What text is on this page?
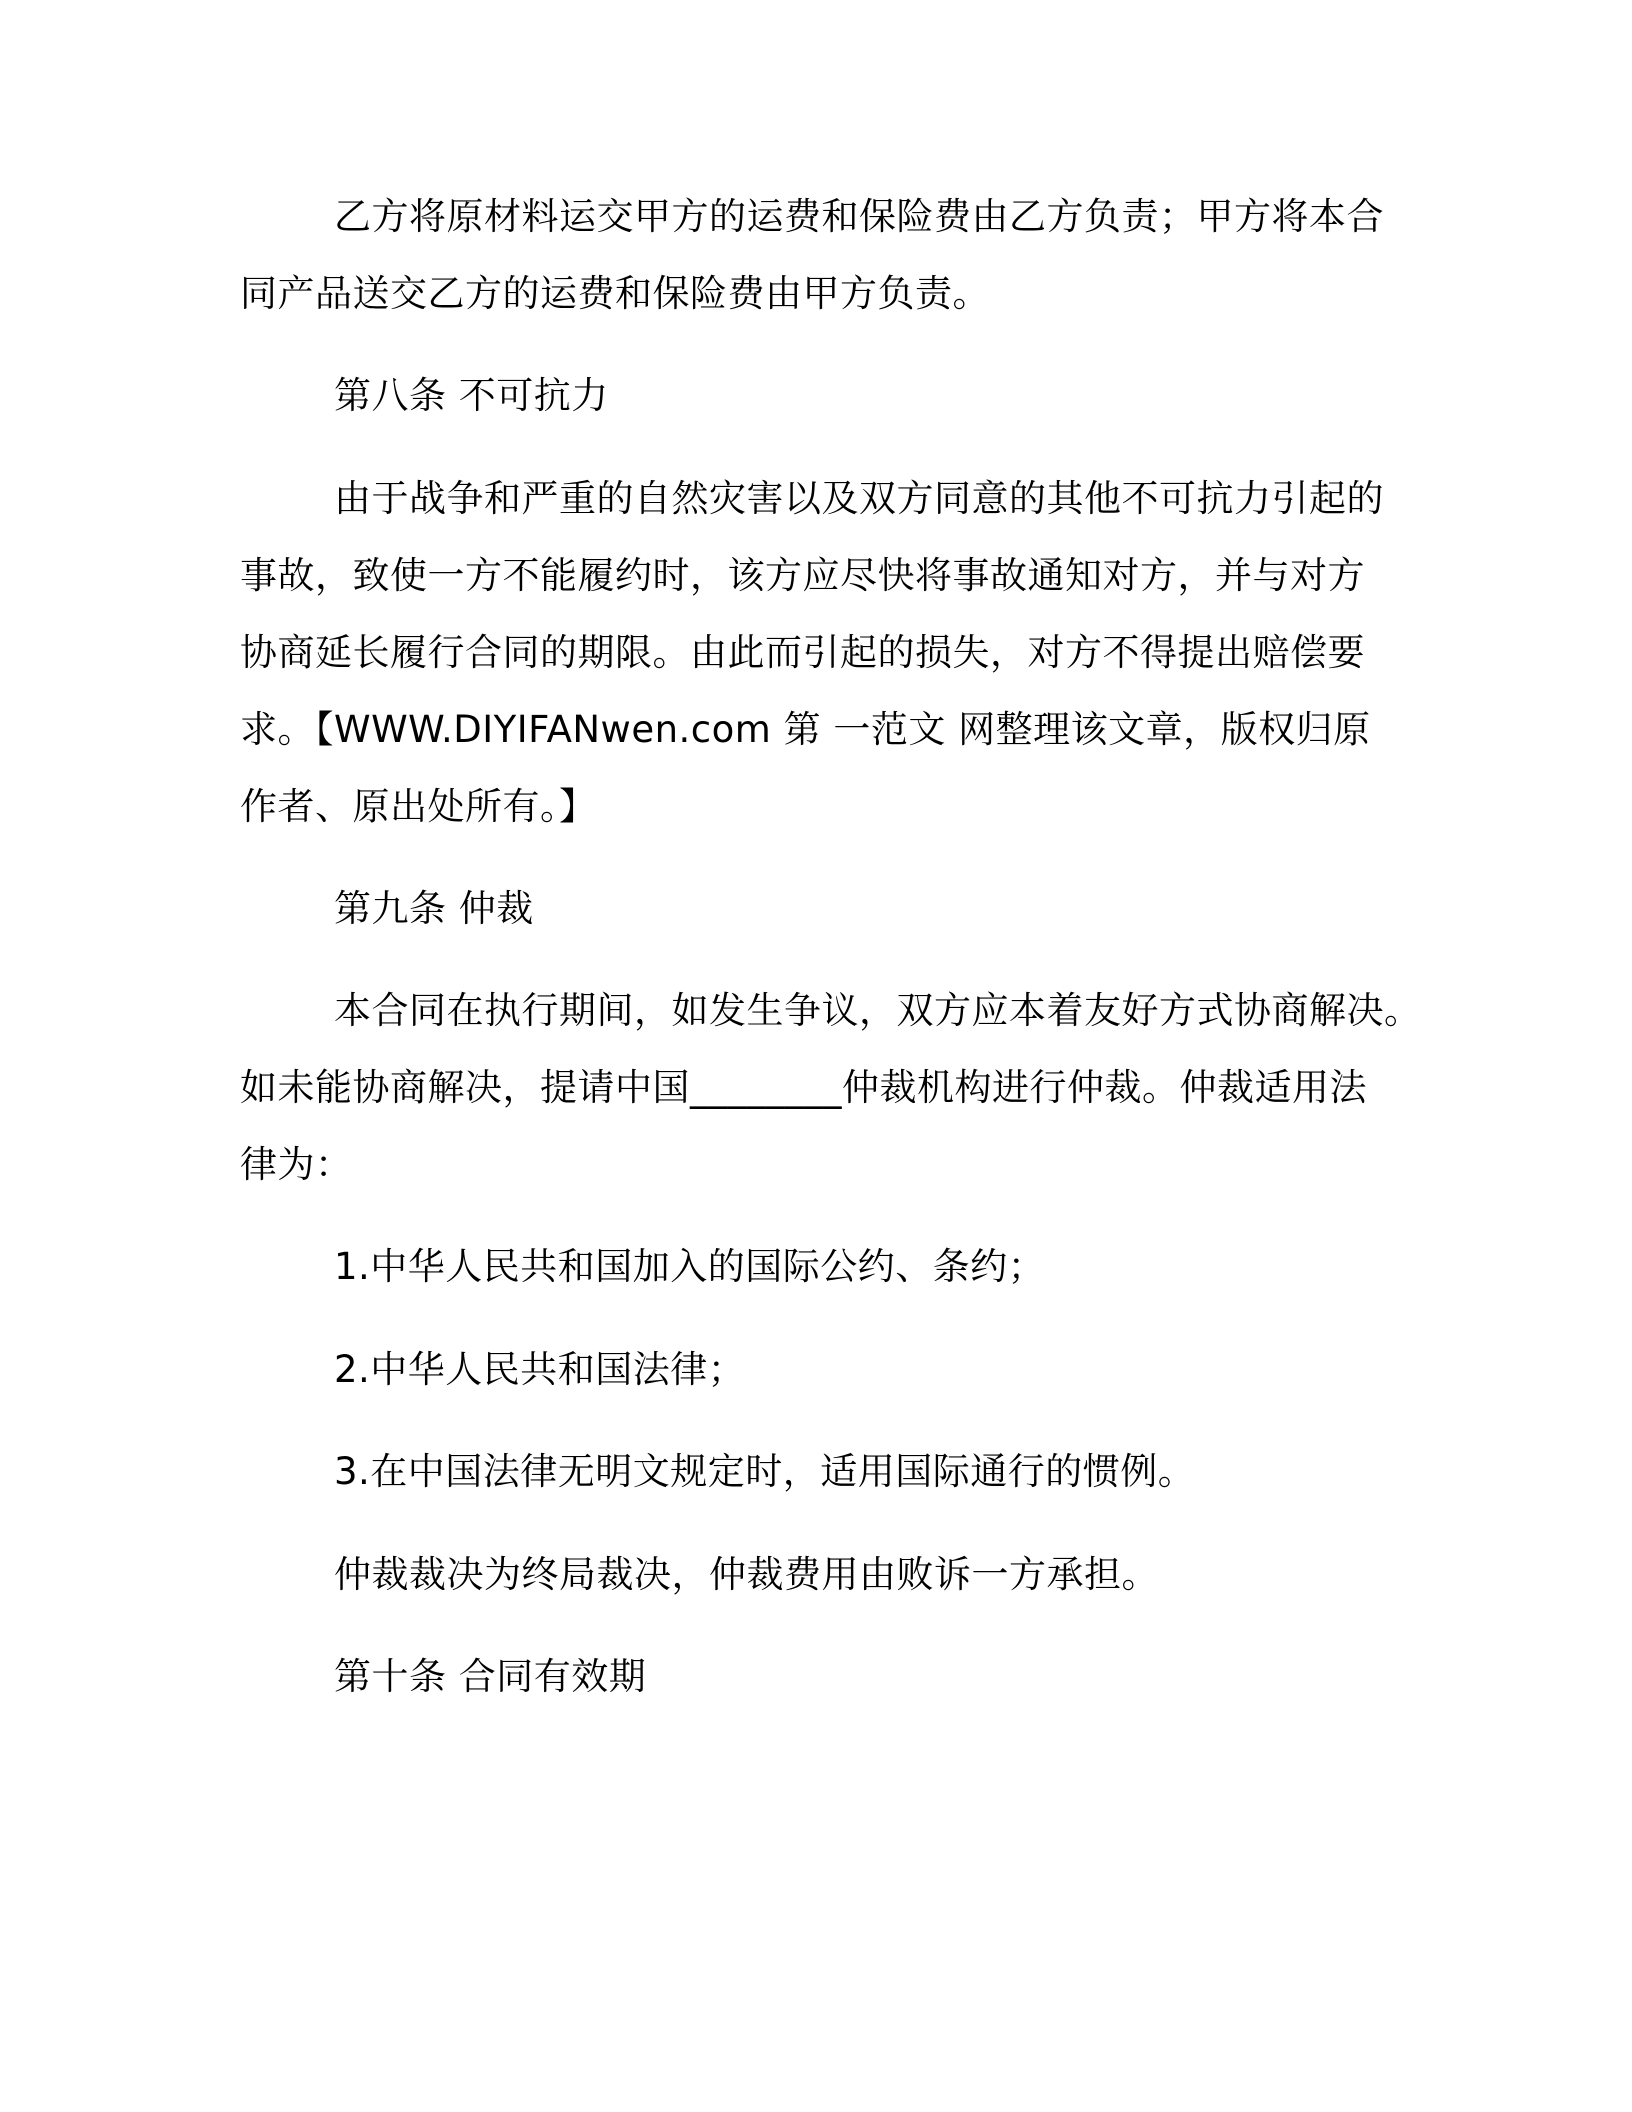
乙方将原材料运交甲方的运费和保险费由乙方负责；甲方将本合
同产品送交乙方的运费和保险费由甲方负责。
第八条 不可抗力
由于战争和严重的自然灾害以及双方同意的其他不可抗力引起的
事故，致使一方不能履约时，该方应尽快将事故通知对方，并与对方
协商延长履行合同的期限。由此而引起的损失，对方不得提出赔偿要
求。【WWW.DIYIFANwen.com 第 一范文 网整理该文章，版权归原
作者、原出处所有。】
第九条 仲裁
本合同在执行期间，如发生争议，双方应本着友好方式协商解决。
如未能协商解决，提请中国________仲裁机构进行仲裁。仲裁适用法
律为：
1.中华人民共和国加入的国际公约、条约；
2.中华人民共和国法律；
3.在中国法律无明文规定时，适用国际通行的惯例。
仲裁裁决为终局裁决，仲裁费用由败诉一方承担。
第十条 合同有效期
